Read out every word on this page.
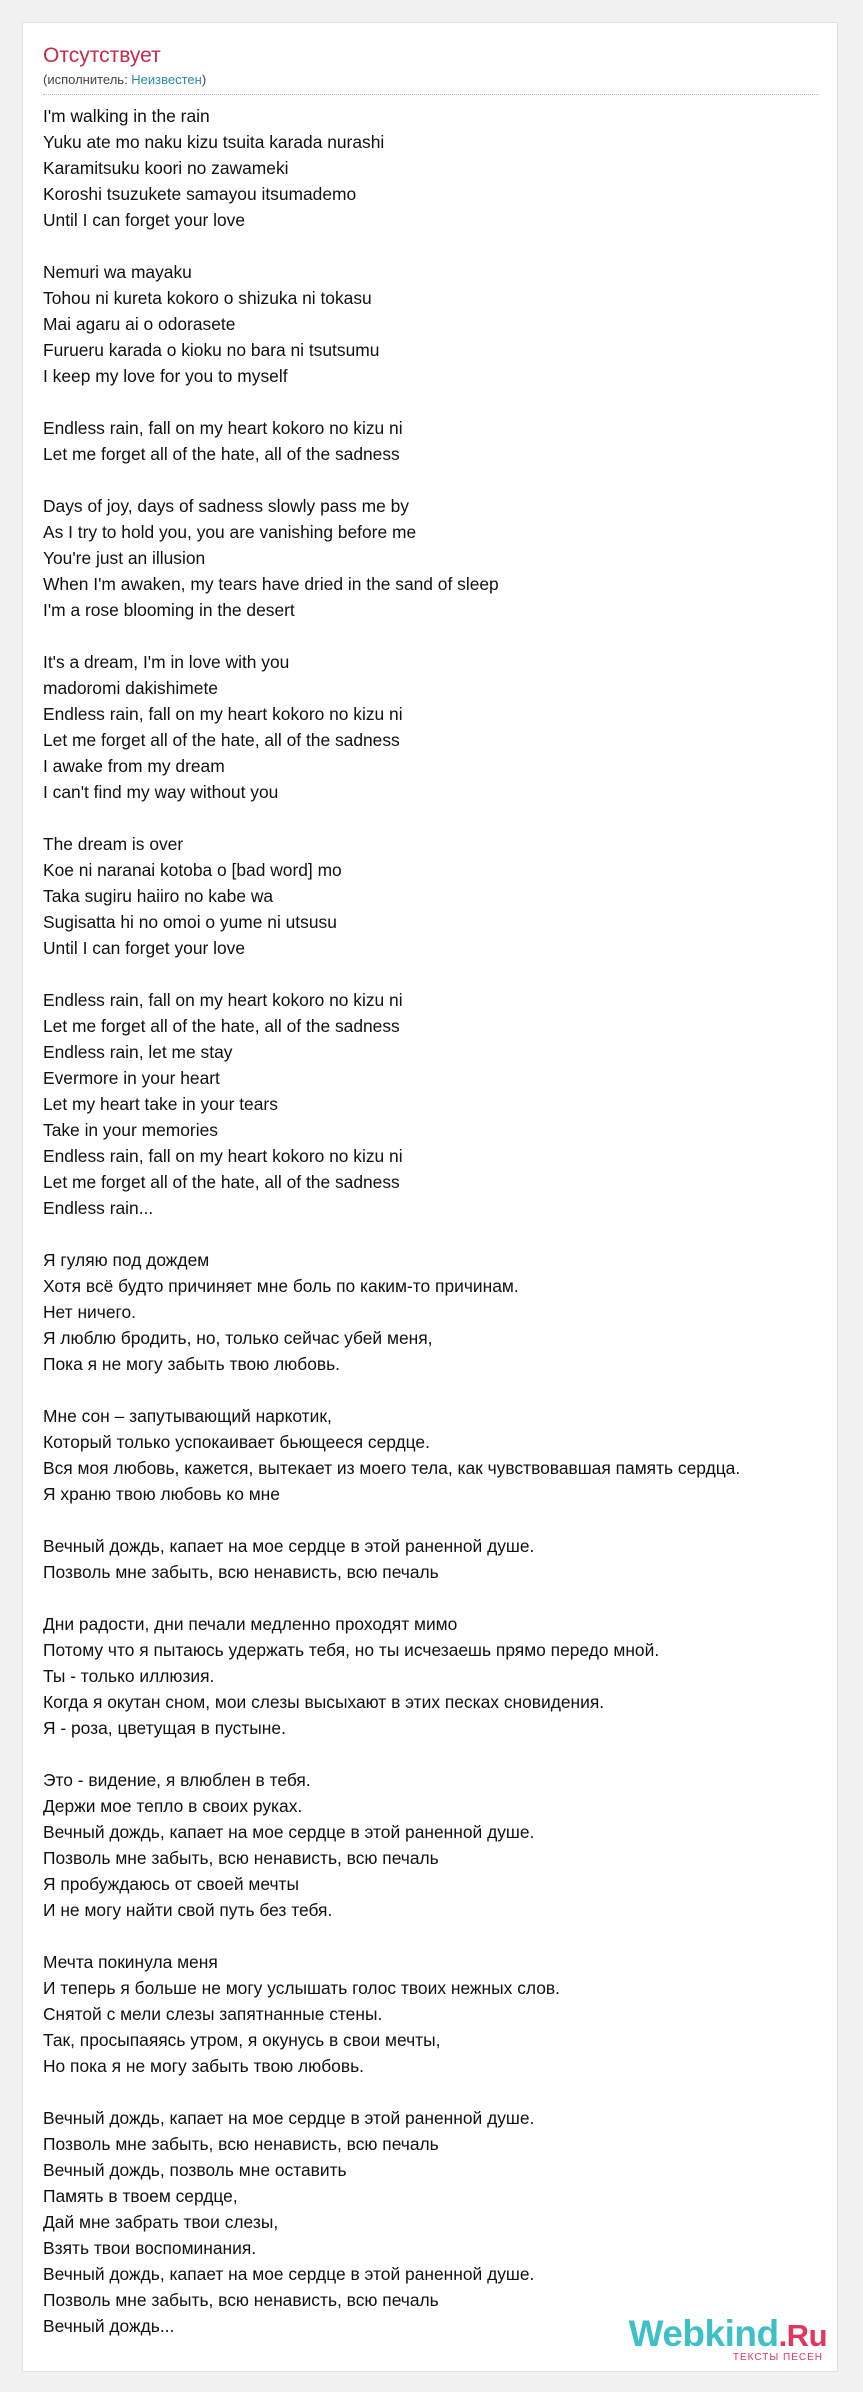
Отсутствует
(исполнитель: Неизвестен)
I'm walking in the rain
Yuku ate mo naku kizu tsuita karada nurashi
Karamitsuku koori no zawameki
Koroshi tsuzukete samayou itsumademo
Until I can forget your love
Nemuri wa mayaku
Tohou ni kureta kokoro o shizuka ni tokasu
Mai agaru ai o odorasete
Furueru karada o kioku no bara ni tsutsumu
I keep my love for you to myself
Endless rain, fall on my heart kokoro no kizu ni
Let me forget all of the hate, all of the sadness
Days of joy, days of sadness slowly pass me by
As I try to hold you, you are vanishing before me
You're just an illusion
When I'm awaken, my tears have dried in the sand of sleep
I'm a rose blooming in the desert
It's a dream, I'm in love with you
madoromi dakishimete
Endless rain, fall on my heart kokoro no kizu ni
Let me forget all of the hate, all of the sadness
I awake from my dream
I can't find my way without you
The dream is over
Koe ni naranai kotoba o [bad word] mo
Taka sugiru haiiro no kabe wa
Sugisatta hi no omoi o yume ni utsusu
Until I can forget your love
Endless rain, fall on my heart kokoro no kizu ni
Let me forget all of the hate, all of the sadness
Endless rain, let me stay
Evermore in your heart
Let my heart take in your tears
Take in your memories
Endless rain, fall on my heart kokoro no kizu ni
Let me forget all of the hate, all of the sadness
Endless rain...
Я гуляю под дождем
Хотя всё будто причиняет мне боль по каким-то причинам.
Нет ничего.
Я люблю бродить, но, только сейчас убей меня,
Пока я не могу забыть твою любовь.
Мне сон – запутывающий наркотик,
Который только успокаивает бьющееся сердце.
Вся моя любовь, кажется, вытекает из моего тела, как чувствовавшая память сердца.
Я храню твою любовь ко мне
Вечный дождь, капает на мое сердце в этой раненной душе.
Позволь мне забыть, всю ненависть, всю печаль
Дни радости, дни печали медленно проходят мимо
Потому что я пытаюсь удержать тебя, но ты исчезаешь прямо передо мной.
Ты - только иллюзия.
Когда я окутан сном, мои слезы высыхают в этих песках сновидения.
Я - роза, цветущая в пустыне.
Это - видение, я влюблен в тебя.
Держи мое тепло в своих руках.
Вечный дождь, капает на мое сердце в этой раненной душе.
Позволь мне забыть, всю ненависть, всю печаль
Я пробуждаюсь от своей мечты
И не могу найти свой путь без тебя.
Мечта покинула меня
И теперь я больше не могу услышать голос твоих нежных слов.
Снятой с мели слезы запятнанные стены.
Так, просыпаяясь утром, я окунусь в свои мечты,
Но пока я не могу забыть твою любовь.
Вечный дождь, капает на мое сердце в этой раненной душе.
Позволь мне забыть, всю ненависть, всю печаль
Вечный дождь, позволь мне оставить
Память в твоем сердце,
Дай мне забрать твои слезы,
Взять твои воспоминания.
Вечный дождь, капает на мое сердце в этой раненной душе.
Позволь мне забыть, всю ненависть, всю печаль
Вечный дождь...	Webkind.Ru
ТЕКСТЫ ПЕСЕН
